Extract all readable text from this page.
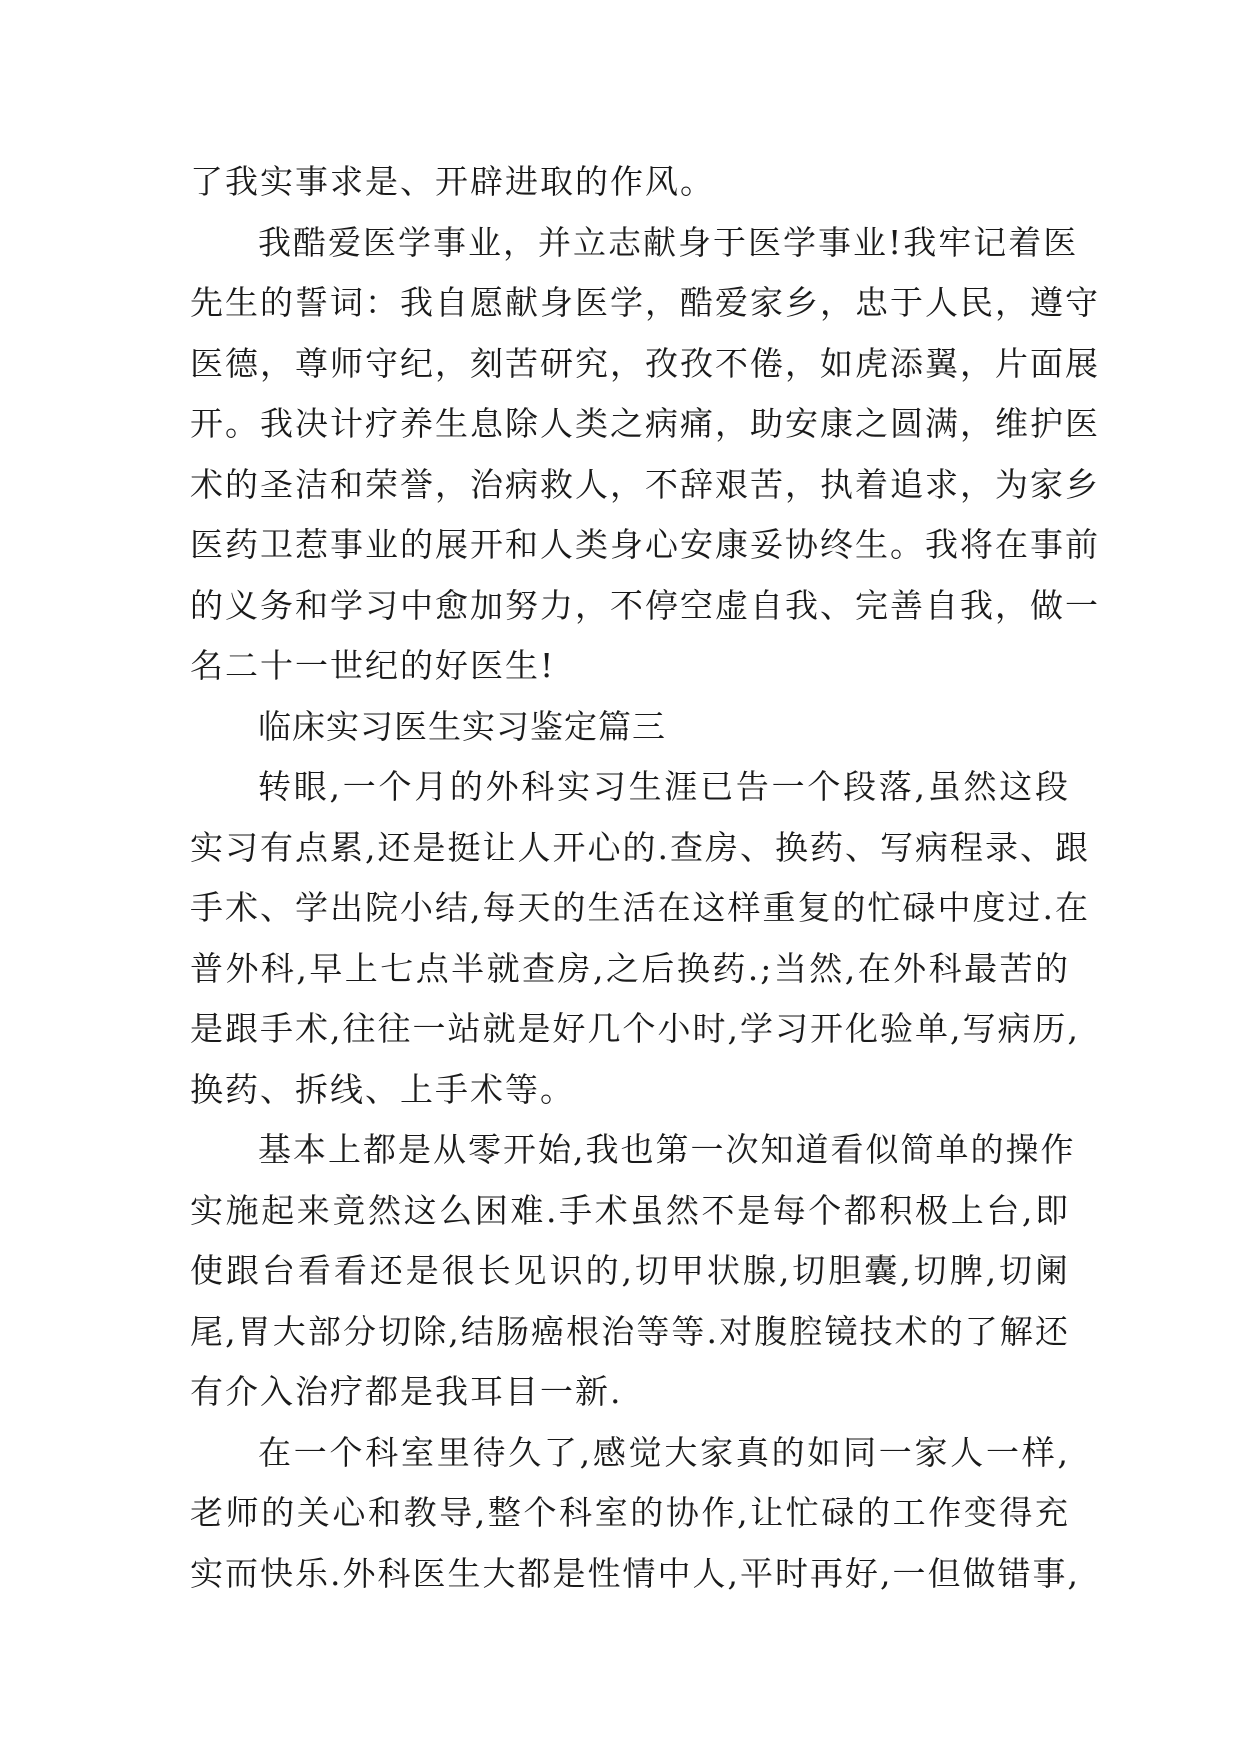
了我实事求是、开辟进取的作风。
我酷爱医学事业，并立志献身于医学事业!我牢记着医
先生的誓词：我自愿献身医学，酷爱家乡，忠于人民，遵守
医德，尊师守纪，刻苦研究，孜孜不倦，如虎添翼，片面展
开。我决计疗养生息除人类之病痛，助安康之圆满，维护医
术的圣洁和荣誉，治病救人，不辞艰苦，执着追求，为家乡
医药卫惹事业的展开和人类身心安康妥协终生。我将在事前
的义务和学习中愈加努力，不停空虚自我、完善自我，做一
名二十一世纪的好医生!
临床实习医生实习鉴定篇三
转眼,一个月的外科实习生涯已告一个段落,虽然这段
实习有点累,还是挺让人开心的.查房、换药、写病程录、跟
手术、学出院小结,每天的生活在这样重复的忙碌中度过.在
普外科,早上七点半就查房,之后换药.;当然,在外科最苦的
是跟手术,往往一站就是好几个小时,学习开化验单,写病历,
换药、拆线、上手术等。
基本上都是从零开始,我也第一次知道看似简单的操作
实施起来竟然这么困难.手术虽然不是每个都积极上台,即
使跟台看看还是很长见识的,切甲状腺,切胆囊,切脾,切阑
尾,胃大部分切除,结肠癌根治等等.对腹腔镜技术的了解还
有介入治疗都是我耳目一新.
在一个科室里待久了,感觉大家真的如同一家人一样,
老师的关心和教导,整个科室的协作,让忙碌的工作变得充
实而快乐.外科医生大都是性情中人,平时再好,一但做错事,
